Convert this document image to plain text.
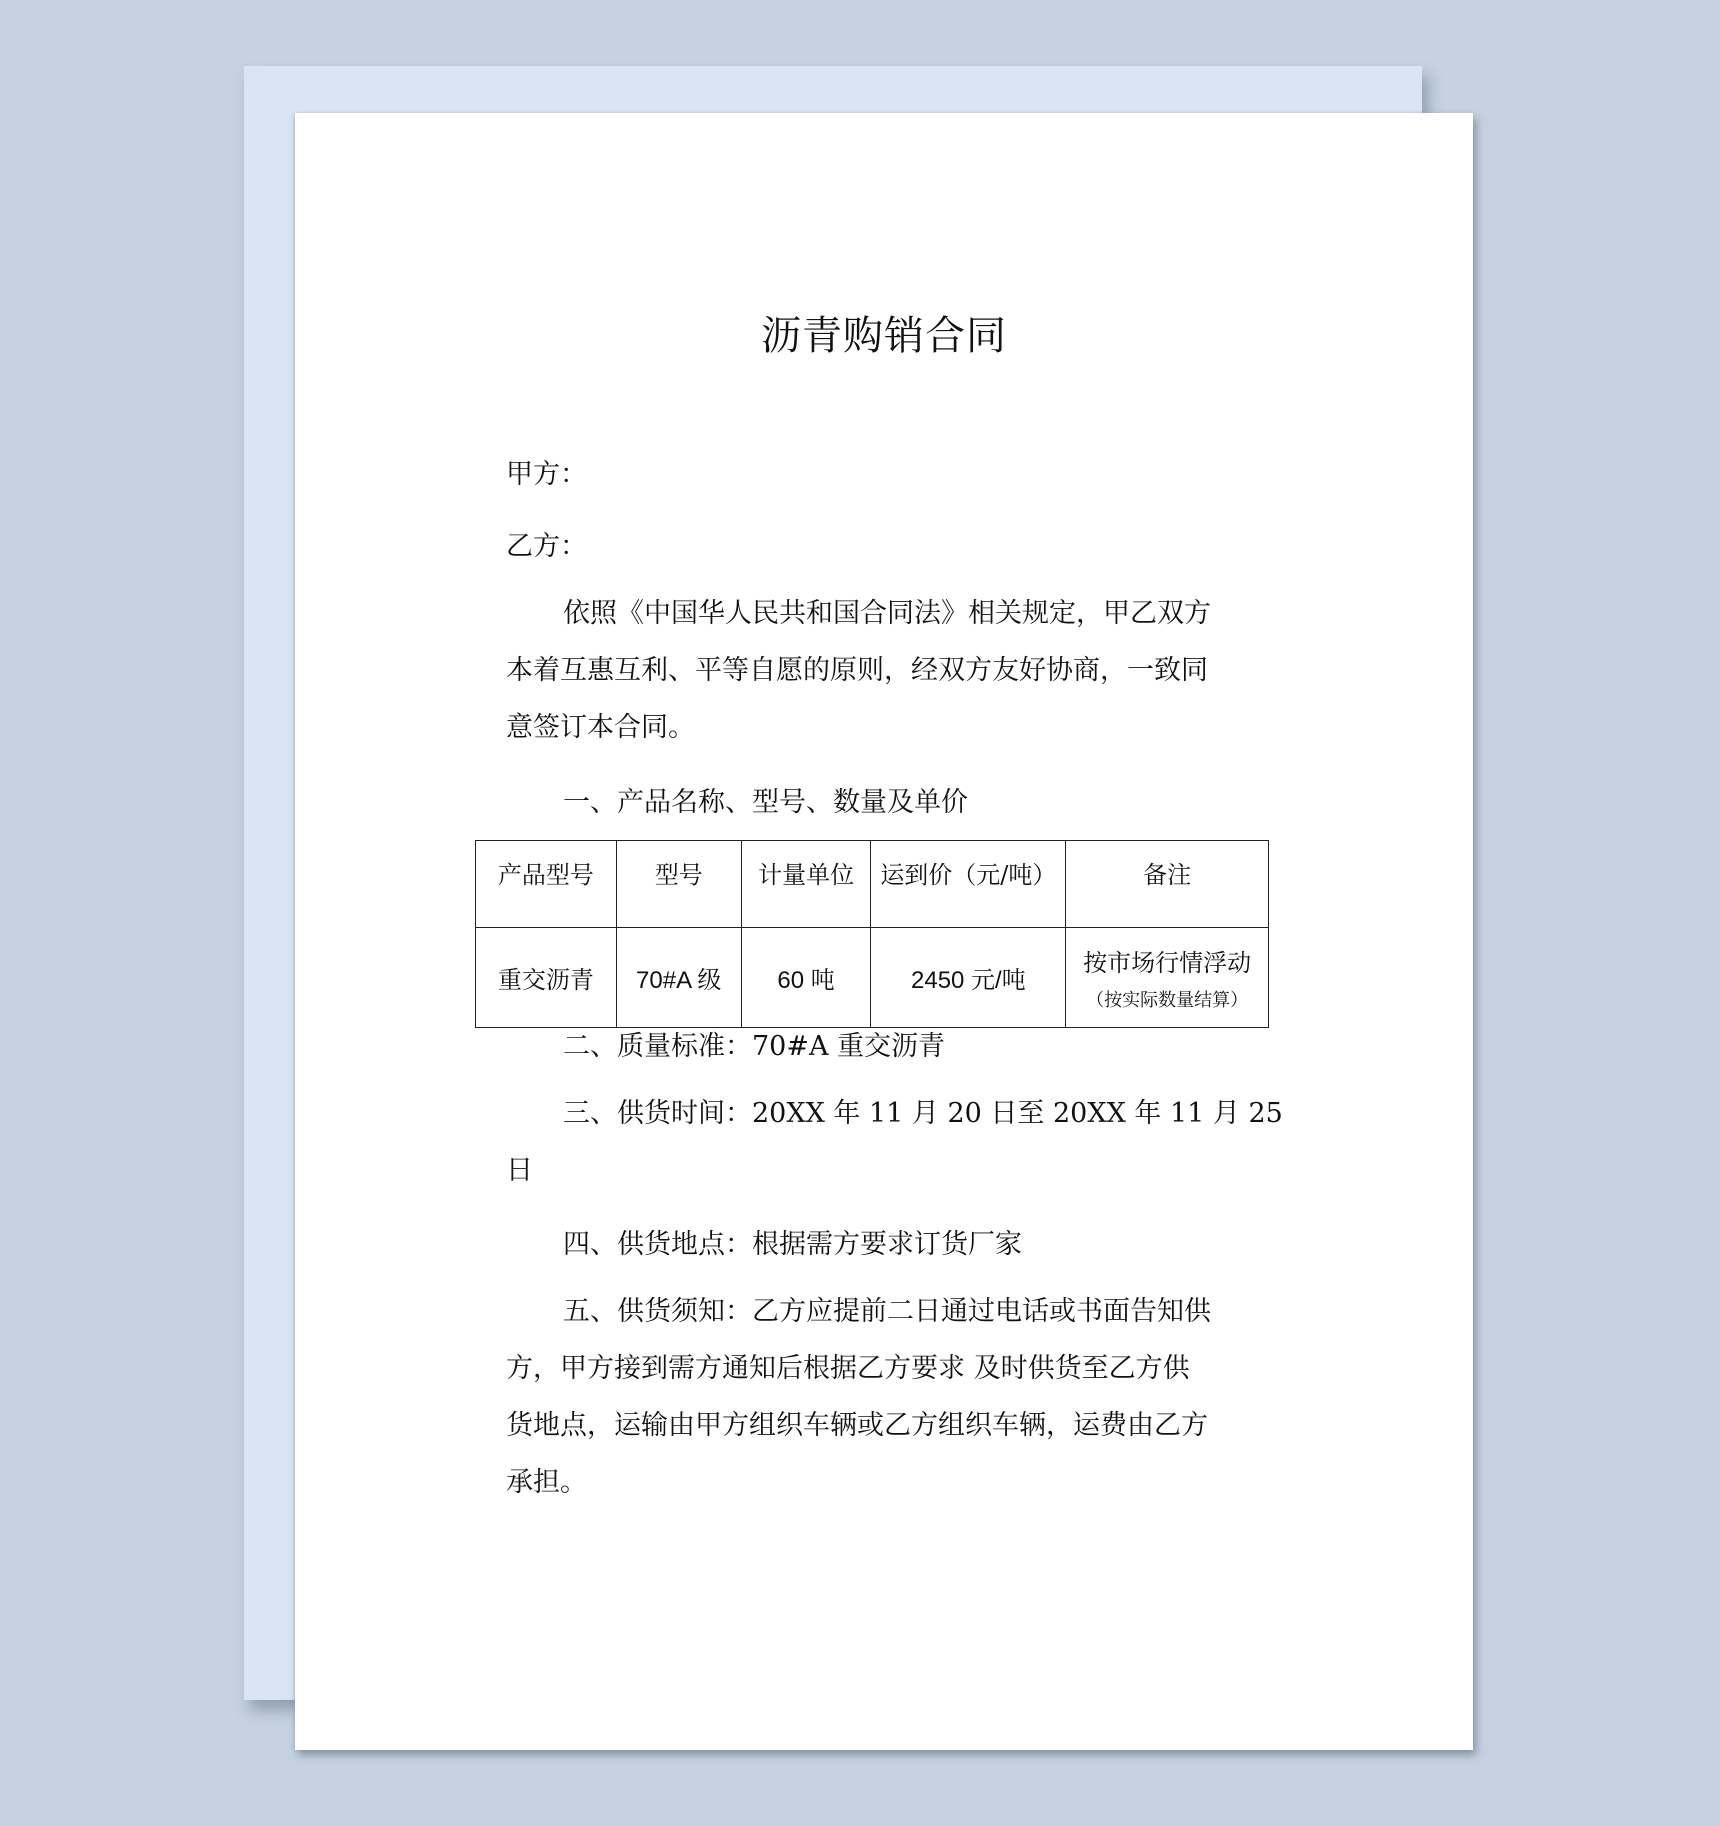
沥青购销合同
甲方：
乙方：
依照《中国华人民共和国合同法》相关规定，甲乙双方
本着互惠互利、平等自愿的原则，经双方友好协商，一致同
意签订本合同。
一、产品名称、型号、数量及单价
产品型号	型号	计量单位	运到价（元/吨）	备注
重交沥青	70#A 级	60 吨	2450 元/吨	按市场行情浮动
（按实际数量结算）
二、质量标准：70#A 重交沥青
三、供货时间：20XX 年 11 月 20 日至 20XX 年 11 月 25
日
四、供货地点：根据需方要求订货厂家
五、供货须知：乙方应提前二日通过电话或书面告知供
方，甲方接到需方通知后根据乙方要求 及时供货至乙方供
货地点，运输由甲方组织车辆或乙方组织车辆，运费由乙方
承担。
